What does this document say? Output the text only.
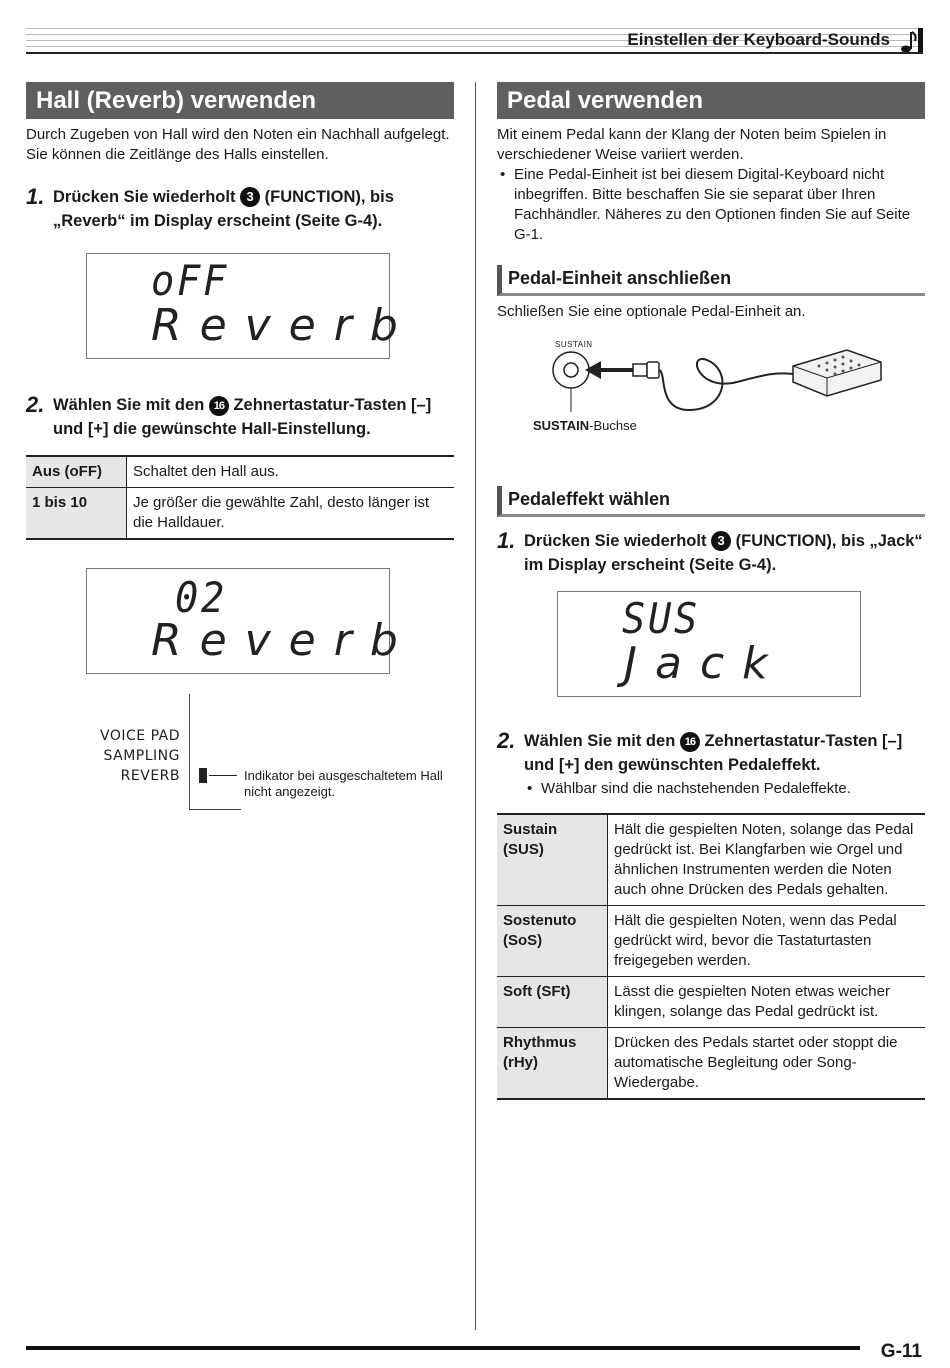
Einstellen der Keyboard-Sounds
Hall (Reverb) verwenden
Durch Zugeben von Hall wird den Noten ein Nachhall aufgelegt. Sie können die Zeitlänge des Halls einstellen.
1. Drücken Sie wiederholt 3 (FUNCTION), bis „Reverb“ im Display erscheint (Seite G-4).
oFF
Reverb
2. Wählen Sie mit den 16 Zehnertastatur-Tasten [–] und [+] die gewünschte Hall-Einstellung.
Aus (oFF)	Schaltet den Hall aus.
1 bis 10	Je größer die gewählte Zahl, desto länger ist die Halldauer.
02
Reverb
VOICE PAD
SAMPLING
REVERB	Indikator bei ausgeschaltetem Hall nicht angezeigt.
Pedal verwenden
Mit einem Pedal kann der Klang der Noten beim Spielen in verschiedener Weise variiert werden.
• Eine Pedal-Einheit ist bei diesem Digital-Keyboard nicht inbegriffen. Bitte beschaffen Sie sie separat über Ihren Fachhändler. Näheres zu den Optionen finden Sie auf Seite G-1.
Pedal-Einheit anschließen
Schließen Sie eine optionale Pedal-Einheit an.
SUSTAIN
SUSTAIN-Buchse
Pedaleffekt wählen
1. Drücken Sie wiederholt 3 (FUNCTION), bis „Jack“ im Display erscheint (Seite G-4).
SUS
Jack
2. Wählen Sie mit den 16 Zehnertastatur-Tasten [–] und [+] den gewünschten Pedaleffekt.
• Wählbar sind die nachstehenden Pedaleffekte.
Sustain (SUS)	Hält die gespielten Noten, solange das Pedal gedrückt ist. Bei Klangfarben wie Orgel und ähnlichen Instrumenten werden die Noten auch ohne Drücken des Pedals gehalten.
Sostenuto (SoS)	Hält die gespielten Noten, wenn das Pedal gedrückt wird, bevor die Tastaturtasten freigegeben werden.
Soft (SFt)	Lässt die gespielten Noten etwas weicher klingen, solange das Pedal gedrückt ist.
Rhythmus (rHy)	Drücken des Pedals startet oder stoppt die automatische Begleitung oder Song-Wiedergabe.
G-11
